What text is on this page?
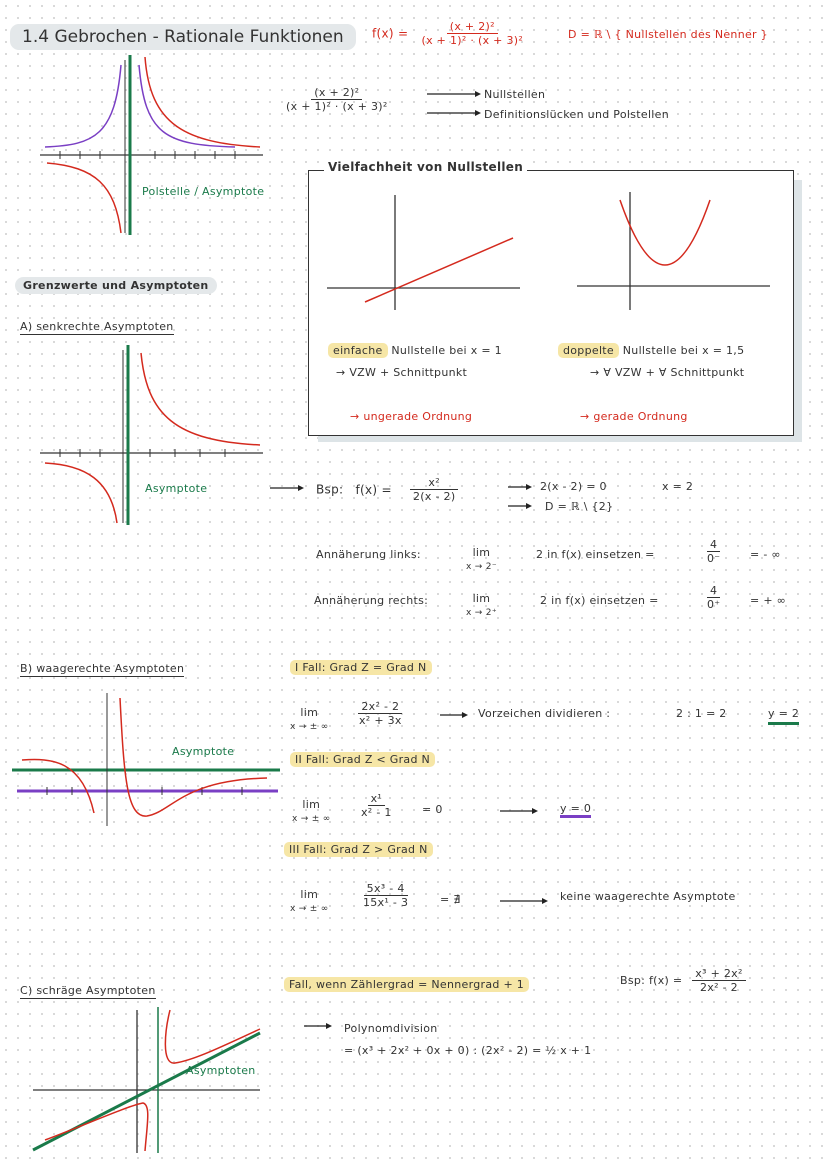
1.4 Gebrochen - Rationale Funktionen	$f(x) = \frac{\text{(x + 2)²}}{\text{(x + 1)² · (x + 3)²}}$	D = ℝ \ { Nullstellen des Nenner }
Polstelle / Asymptote
$\frac{\text{(x + 2)²}}{\text{(x + 1)² · (x + 3)²}}$	Nullstellen
Definitionslücken und Polstellen
Vielfachheit von Nullstellen
einfache Nullstelle bei x = 1
→ VZW + Schnittpunkt
→ ungerade Ordnung
doppelte Nullstelle bei x = 1,5
→ ∀ VZW + ∀ Schnittpunkt
→ gerade Ordnung
Grenzwerte und Asymptoten
A) senkrechte Asymptoten
Asymptote	Bsp: $f(x) = \frac{\text{x²}}{2(x - 2)}$	2(x - 2) = 0	x = 2
D = ℝ \ {2}
Annäherung links:	lim
x → 2⁻
2 in f(x) einsetzen =	$\frac{4}{0^-}$ = - ∞
Annäherung rechts:	lim
x → 2⁺
2 in f(x) einsetzen =	$\frac{4}{0^+}$ = + ∞
B) waagerechte Asymptoten
Asymptote
I Fall: Grad Z = Grad N
lim
x → ± ∞ $\frac{\text{2x² - 2}}{\text{x² + 3x}}$	Vorzeichen dividieren :	2 : 1 = 2	y = 2
II Fall: Grad Z < Grad N
lim
x → ± ∞ $\frac{\text{x¹}}{\text{x² - 1}} = 0$	y = 0
III Fall: Grad Z > Grad N
lim
x → ± ∞	$\frac{\text{5x³ - 4}}{\text{15x¹ - 3}}$	= ∄	keine waagerechte Asymptote
C) schräge Asymptoten
Asymptoten
Fall, wenn Zählergrad = Nennergrad + 1	Bsp: $f(x) = \frac{\text{x³ + 2x²}}{\text{2x² - 2}}$
Polynomdivision
= (x³ + 2x² + 0x + 0) : (2x² - 2) = ½ x + 1
